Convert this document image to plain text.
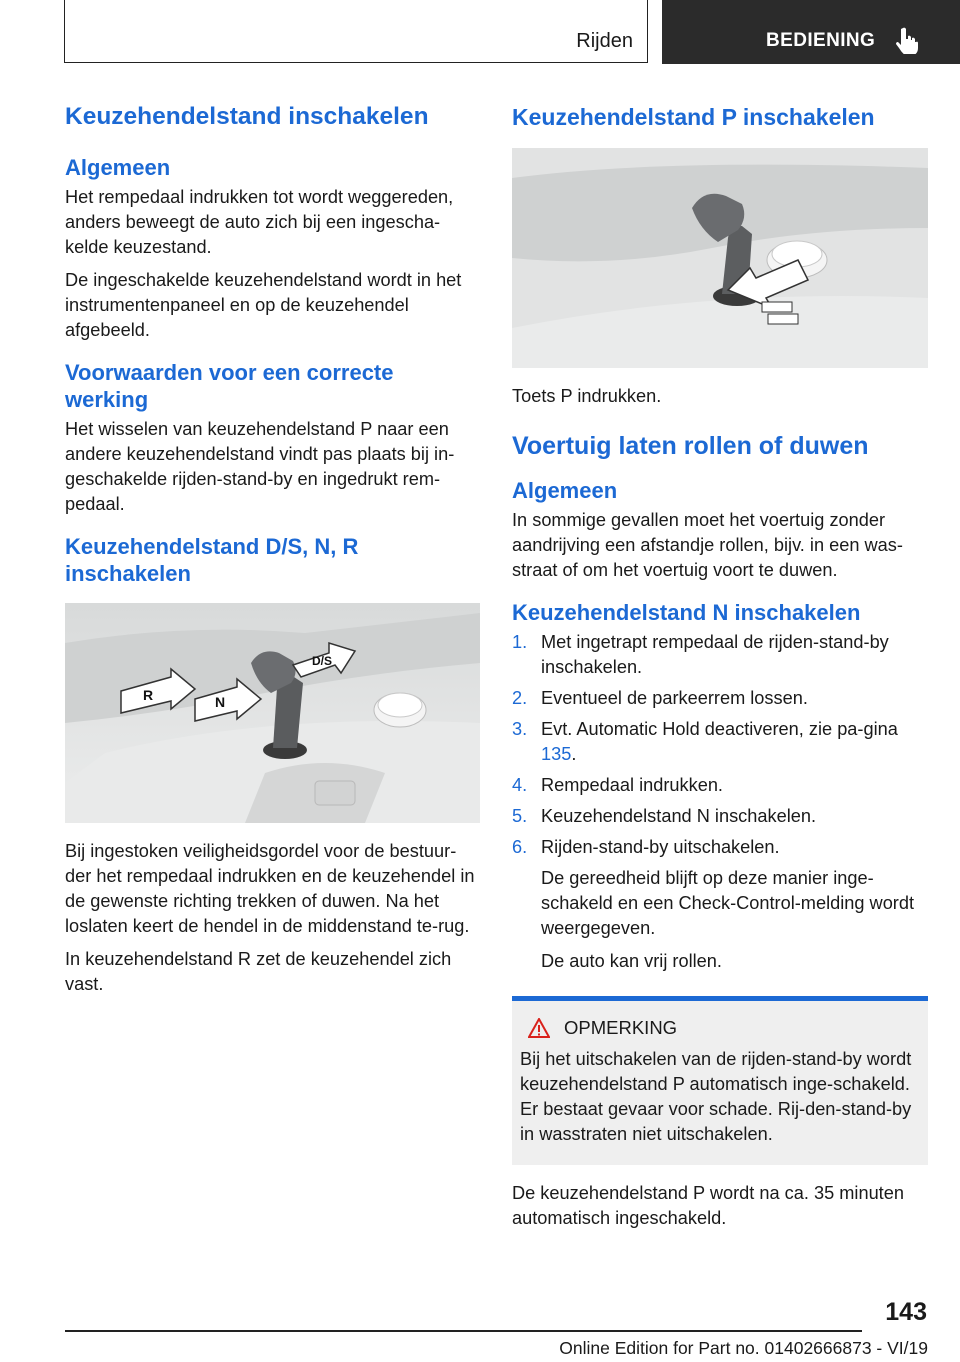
Rijden	BEDIENING
Keuzehendelstand inschakelen
Algemeen

Het rempedaal indrukken tot wordt weggereden, anders beweegt de auto zich bij een ingescha-kelde keuzestand.

De ingeschakelde keuzehendelstand wordt in het instrumentenpaneel en op de keuzehendel afgebeeld.

Voorwaarden voor een correcte werking

Het wisselen van keuzehendelstand P naar een andere keuzehendelstand vindt pas plaats bij in-geschakelde rijden-stand-by en ingedrukt rem-pedaal.

Keuzehendelstand D/S, N, R inschakelen
R	N
D/S

Bij ingestoken veiligheidsgordel voor de bestuur-der het rempedaal indrukken en de keuzehendel in de gewenste richting trekken of duwen. Na het loslaten keert de hendel in de middenstand te-rug.

In keuzehendelstand R zet de keuzehendel zich vast.

Keuzehendelstand P inschakelen

Toets P indrukken.

Voertuig laten rollen of duwen
Algemeen

In sommige gevallen moet het voertuig zonder aandrijving een afstandje rollen, bijv. in een was-straat of om het voertuig voort te duwen.

Keuzehendelstand N inschakelen
1. Met ingetrapt rempedaal de rijden-stand-by inschakelen.
2. Eventueel de parkeerrem lossen.
3. Evt. Automatic Hold deactiveren, zie pa-gina 135.
4. Rempedaal indrukken.
5. Keuzehendelstand N inschakelen.
6. Rijden-stand-by uitschakelen.
De gereedheid blijft op deze manier inge-schakeld en een Check-Control-melding wordt weergegeven.
De auto kan vrij rollen.
OPMERKING

Bij het uitschakelen van de rijden-stand-by wordt keuzehendelstand P automatisch inge-schakeld. Er bestaat gevaar voor schade. Rij-den-stand-by in wasstraten niet uitschakelen.

De keuzehendelstand P wordt na ca. 35 minuten automatisch ingeschakeld.

143
Online Edition for Part no. 01402666873 - VI/19
